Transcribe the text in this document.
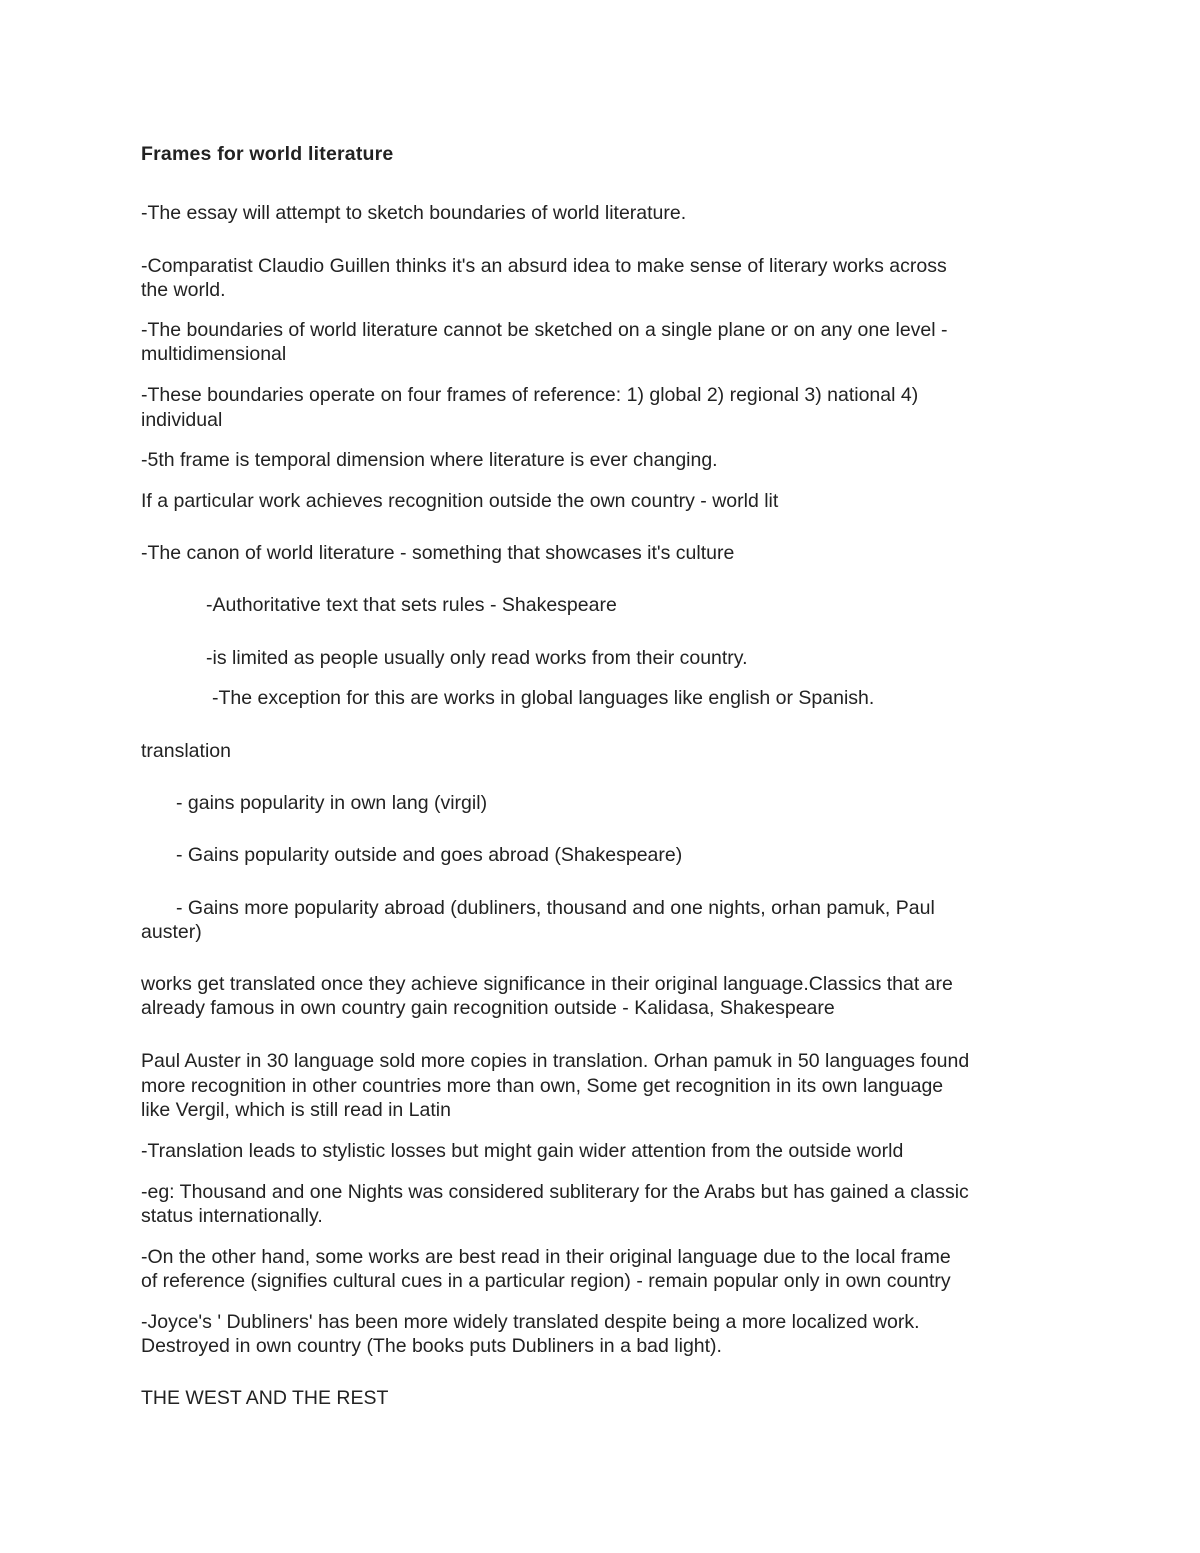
Frames for world literature

-The essay will attempt to sketch boundaries of world literature.

-Comparatist Claudio Guillen thinks it's an absurd idea to make sense of literary works across

the world.

-The boundaries of world literature cannot be sketched on a single plane or on any one level -

multidimensional

-These boundaries operate on four frames of reference: 1) global 2) regional 3) national 4)

individual

-5th frame is temporal dimension where literature is ever changing.

If a particular work achieves recognition outside the own country - world lit

-The canon of world literature - something that showcases it's culture

-Authoritative text that sets rules - Shakespeare

-is limited as people usually only read works from their country.

-The exception for this are works in global languages like english or Spanish.

translation

- gains popularity in own lang (virgil)

- Gains popularity outside and goes abroad (Shakespeare)

- Gains more popularity abroad (dubliners, thousand and one nights, orhan pamuk, Paul

auster)

works get translated once they achieve significance in their original language.Classics that are

already famous in own country gain recognition outside - Kalidasa, Shakespeare

Paul Auster in 30 language sold more copies in translation. Orhan pamuk in 50 languages found

more recognition in other countries more than own, Some get recognition in its own language

like Vergil, which is still read in Latin

-Translation leads to stylistic losses but might gain wider attention from the outside world

-eg: Thousand and one Nights was considered subliterary for the Arabs but has gained a classic

status internationally.

-On the other hand, some works are best read in their original language due to the local frame

of reference (signifies cultural cues in a particular region) - remain popular only in own country

-Joyce's ' Dubliners' has been more widely translated despite being a more localized work.

Destroyed in own country (The books puts Dubliners in a bad light).

THE WEST AND THE REST
